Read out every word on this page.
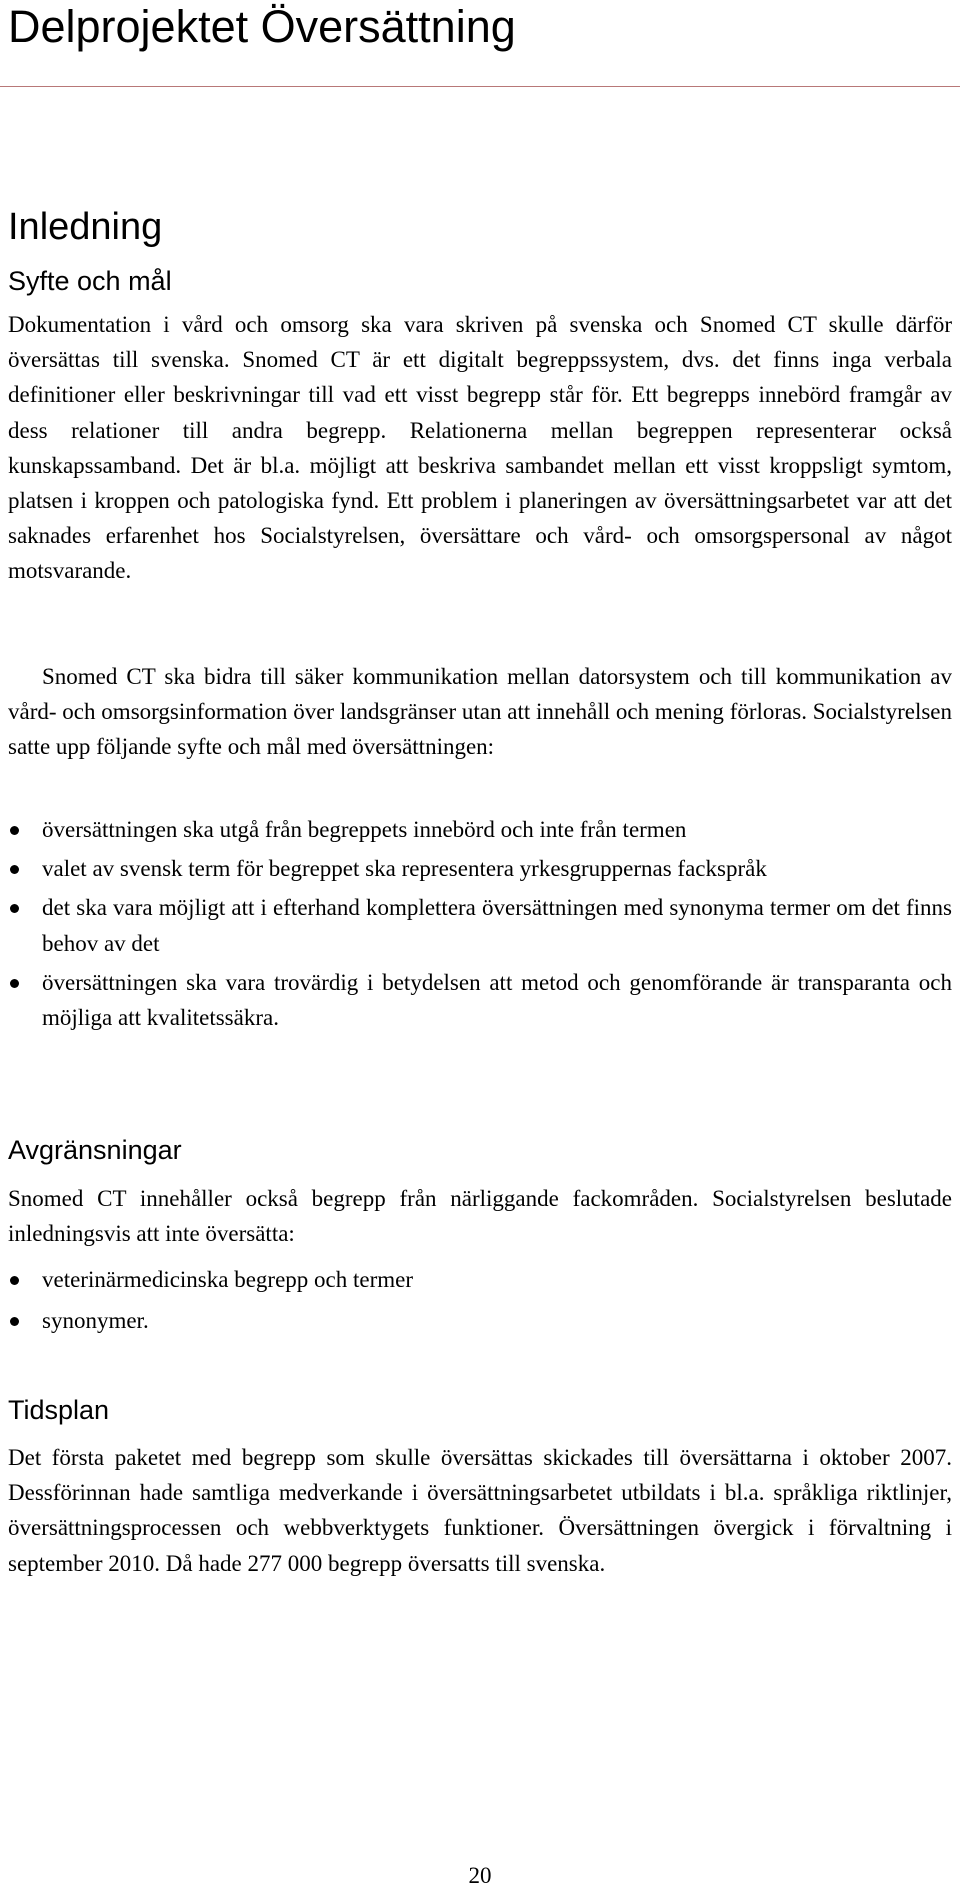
Delprojektet Översättning
Inledning
Syfte och mål

Dokumentation i vård och omsorg ska vara skriven på svenska och Snomed CT skulle därför översättas till svenska. Snomed CT är ett digitalt begreppssystem, dvs. det finns inga verbala definitioner eller beskrivningar till vad ett visst begrepp står för. Ett begrepps innebörd framgår av dess relationer till andra begrepp. Relationerna mellan begreppen representerar också kunskapssamband. Det är bl.a. möjligt att beskriva sambandet mellan ett visst kroppsligt symtom, platsen i kroppen och patologiska fynd. Ett problem i planeringen av översättningsarbetet var att det saknades erfarenhet hos Socialstyrelsen, översättare och vård- och omsorgspersonal av något motsvarande.

Snomed CT ska bidra till säker kommunikation mellan datorsystem och till kommunikation av vård- och omsorgsinformation över landsgränser utan att innehåll och mening förloras. Socialstyrelsen satte upp följande syfte och mål med översättningen:

översättningen ska utgå från begreppets innebörd och inte från termen
valet av svensk term för begreppet ska representera yrkesgruppernas fackspråk
det ska vara möjligt att i efterhand komplettera översättningen med synonyma termer om det finns behov av det
översättningen ska vara trovärdig i betydelsen att metod och genomförande är transparanta och möjliga att kvalitetssäkra.
Avgränsningar

Snomed CT innehåller också begrepp från närliggande fackområden. Socialstyrelsen beslutade inledningsvis att inte översätta:

veterinärmedicinska begrepp och termer
synonymer.
Tidsplan

Det första paketet med begrepp som skulle översättas skickades till översättarna i oktober 2007. Dessförinnan hade samtliga medverkande i översättningsarbetet utbildats i bl.a. språkliga riktlinjer, översättningsprocessen och webbverktygets funktioner. Översättningen övergick i förvaltning i september 2010. Då hade 277 000 begrepp översatts till svenska.

20
